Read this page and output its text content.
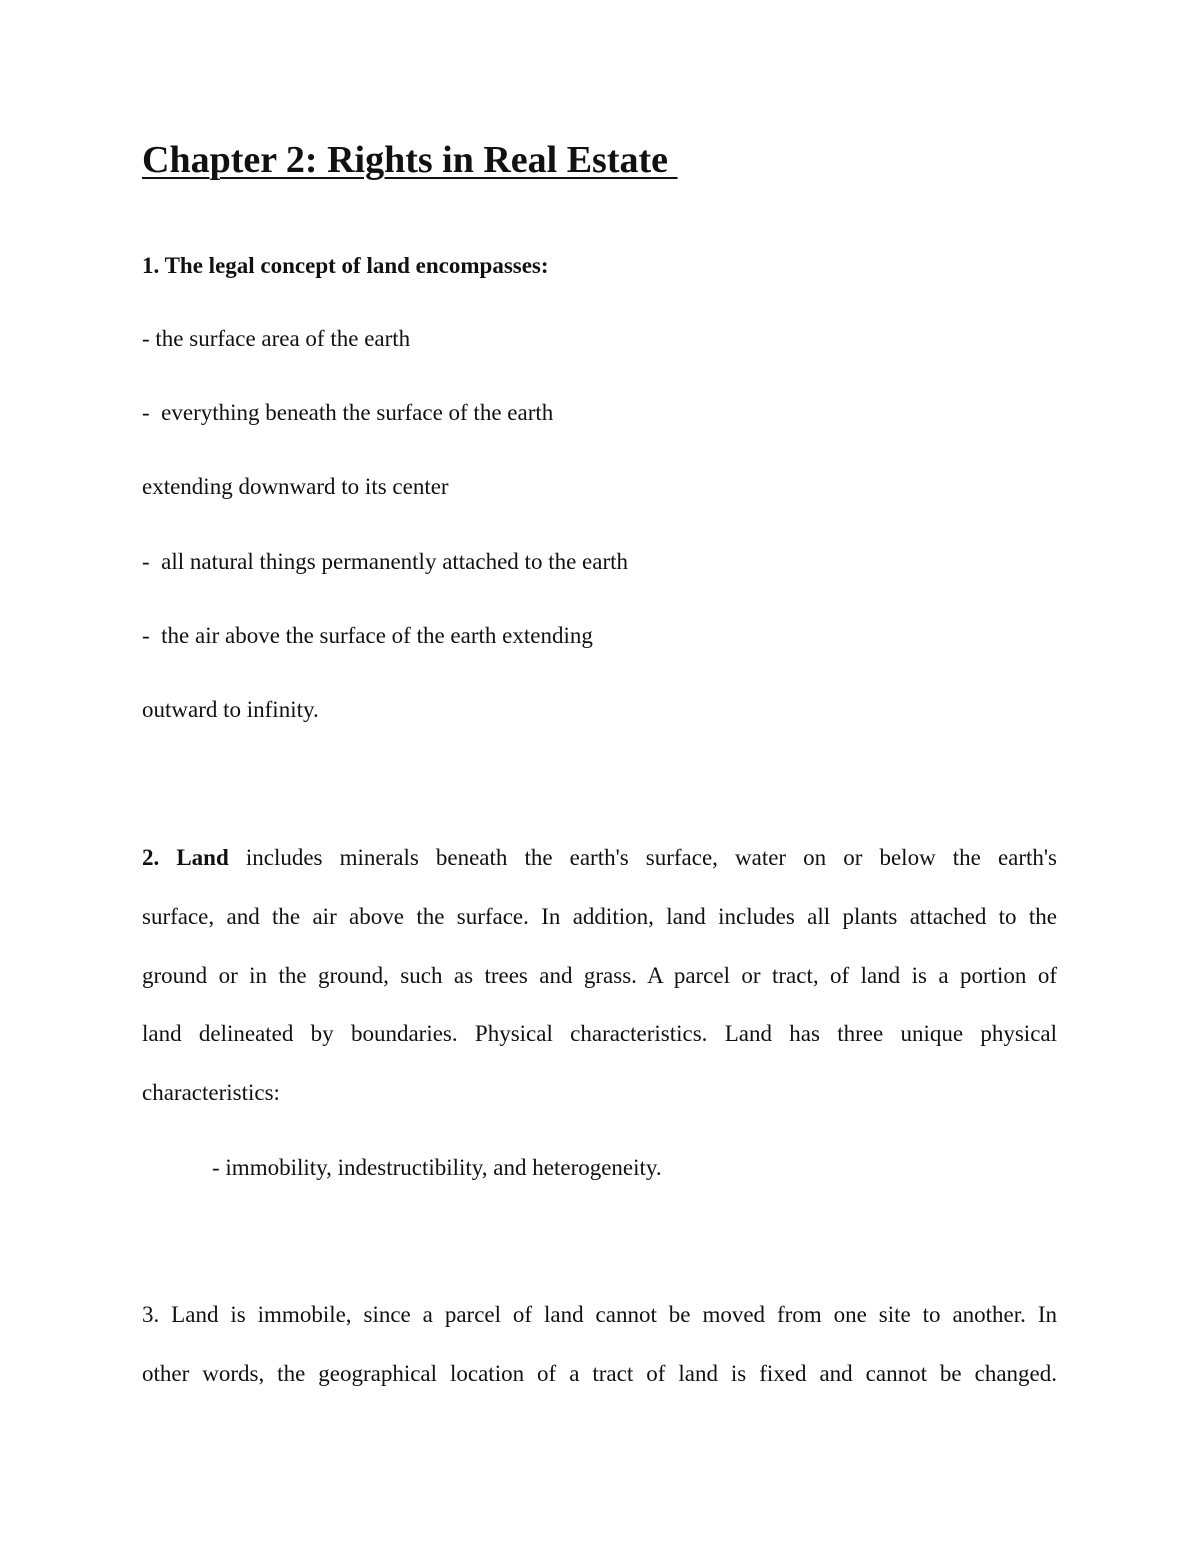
Chapter 2: Rights in Real Estate

1. The legal concept of land encompasses:

- the surface area of the earth

-  everything beneath the surface of the earth

extending downward to its center

-  all natural things permanently attached to the earth

-  the air above the surface of the earth extending

outward to infinity.

2. Land includes minerals beneath the earth's surface, water on or below the earth's
surface, and the air above the surface. In addition, land includes all plants attached to the
ground or in the ground, such as trees and grass. A parcel or tract, of land is a portion of
land delineated by boundaries. Physical characteristics. Land has three unique physical
characteristics:

- immobility, indestructibility, and heterogeneity.

3. Land is immobile, since a parcel of land cannot be moved from one site to another. In
other words, the geographical location of a tract of land is fixed and cannot be changed.
